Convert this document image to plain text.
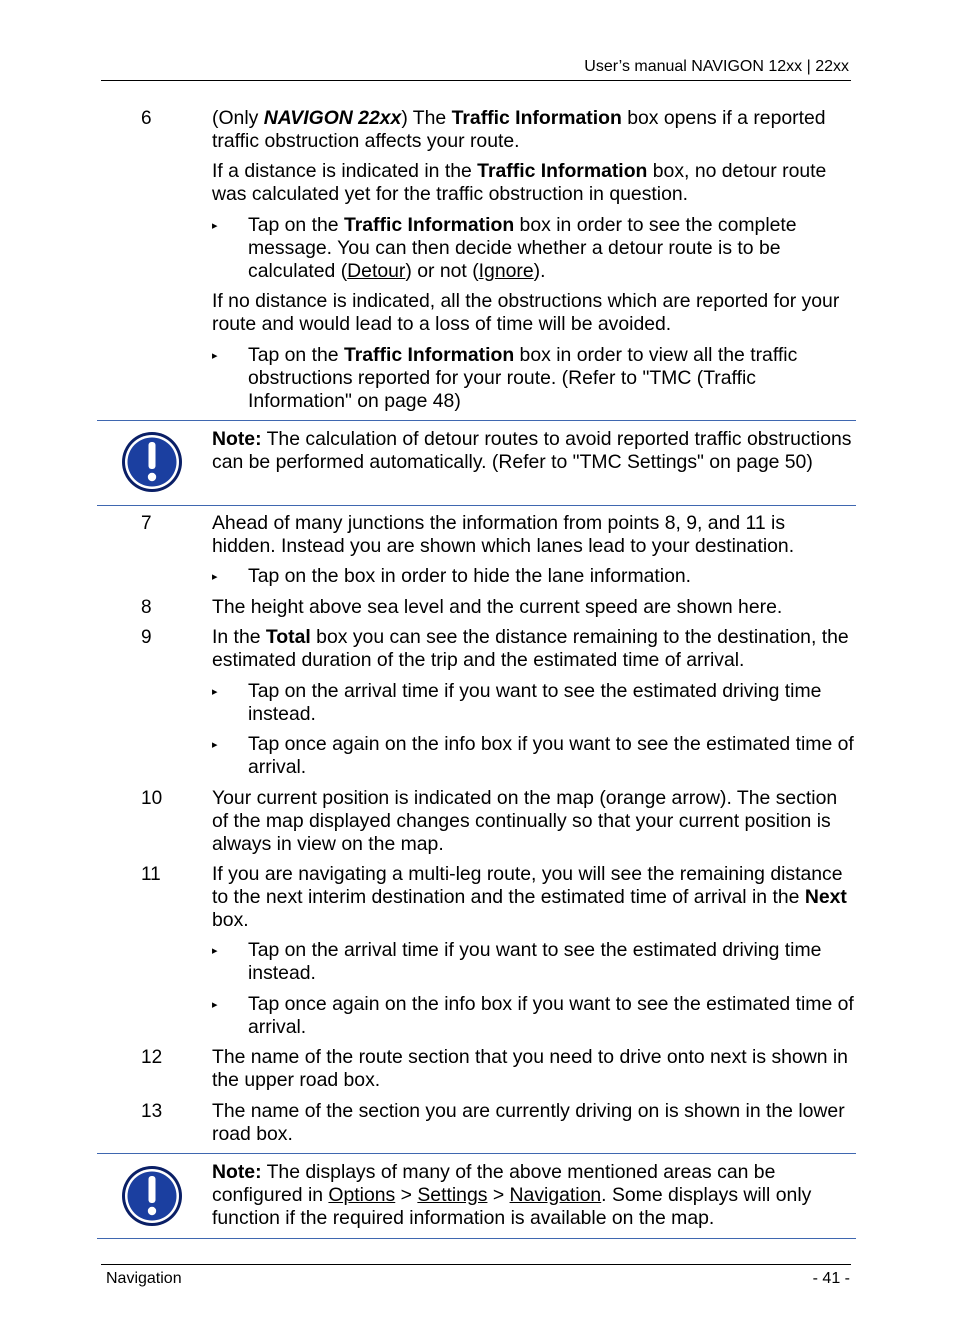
User’s manual NAVIGON 12xx | 22xx
6	(Only NAVIGON 22xx) The Traffic Information box opens if a reported traffic obstruction affects your route.
If a distance is indicated in the Traffic Information box, no detour route was calculated yet for the traffic obstruction in question.
▸ Tap on the Traffic Information box in order to see the complete message. You can then decide whether a detour route is to be calculated (Detour) or not (Ignore).
If no distance is indicated, all the obstructions which are reported for your route and would lead to a loss of time will be avoided.
▸ Tap on the Traffic Information box in order to view all the traffic obstructions reported for your route. (Refer to "TMC (Traffic Information" on page 48)
Note: The calculation of detour routes to avoid reported traffic obstructions can be performed automatically. (Refer to "TMC Settings" on page 50)
7	Ahead of many junctions the information from points 8, 9, and 11 is hidden. Instead you are shown which lanes lead to your destination.
▸ Tap on the box in order to hide the lane information.
8	The height above sea level and the current speed are shown here.
9	In the Total box you can see the distance remaining to the destination, the estimated duration of the trip and the estimated time of arrival.
▸ Tap on the arrival time if you want to see the estimated driving time instead.
▸ Tap once again on the info box if you want to see the estimated time of arrival.
10	Your current position is indicated on the map (orange arrow). The section of the map displayed changes continually so that your current position is always in view on the map.
11	If you are navigating a multi-leg route, you will see the remaining distance to the next interim destination and the estimated time of arrival in the Next box.
▸ Tap on the arrival time if you want to see the estimated driving time instead.
▸ Tap once again on the info box if you want to see the estimated time of arrival.
12	The name of the route section that you need to drive onto next is shown in the upper road box.
13	The name of the section you are currently driving on is shown in the lower road box.
Note: The displays of many of the above mentioned areas can be configured in Options > Settings > Navigation. Some displays will only function if the required information is available on the map.
Navigation	- 41 -
